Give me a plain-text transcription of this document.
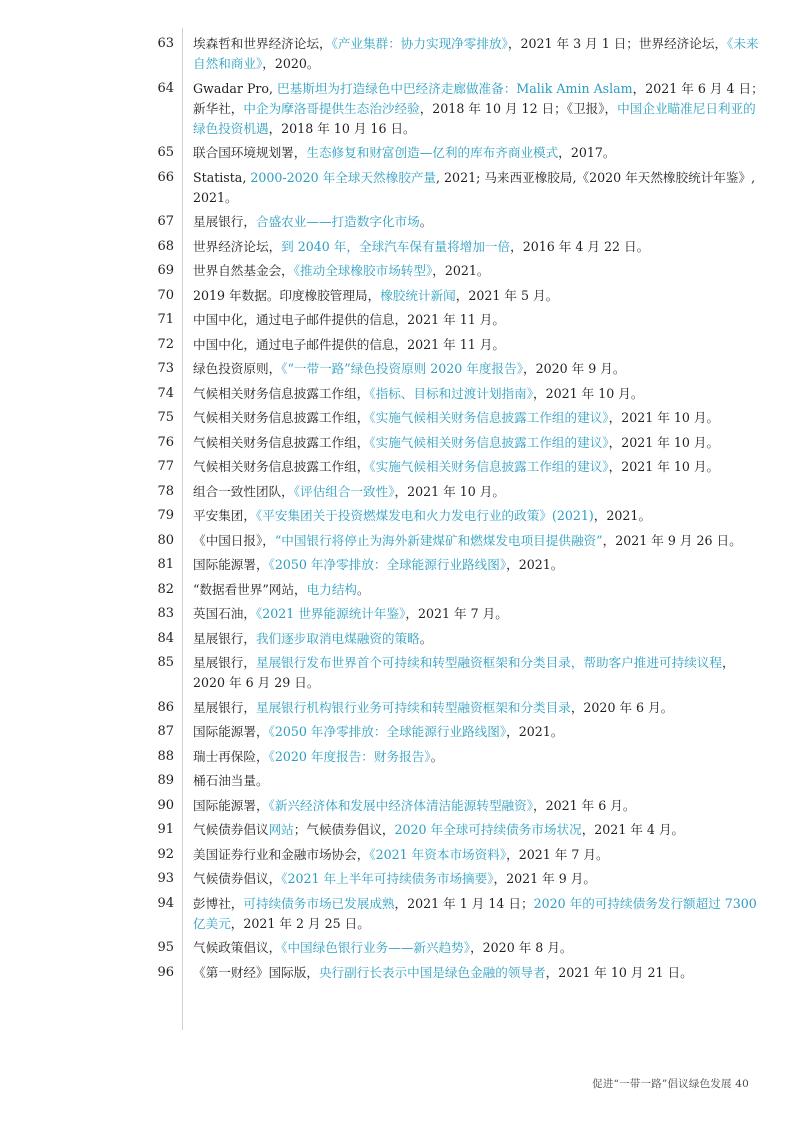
63 埃森哲和世界经济论坛，《产业集群：协力实现净零排放》，2021 年 3 月 1 日；世界经济论坛，《未来自然和商业》，2020。
64 Gwadar Pro, 巴基斯坦为打造绿色中巴经济走廊做准备：Malik Amin Aslam，2021 年 6 月 4 日；新华社，中企为摩洛哥提供生态治沙经验，2018 年 10 月 12 日；《卫报》，中国企业瞄准尼日利亚的绿色投资机遇，2018 年 10 月 16 日。
65 联合国环境规划署，生态修复和财富创造—亿利的库布齐商业模式，2017。
66 Statista, 2000-2020 年全球天然橡胶产量, 2021; 马来西亚橡胶局,《2020 年天然橡胶统计年鉴》, 2021。
67 星展银行，合盛农业——打造数字化市场。
68 世界经济论坛，到 2040 年，全球汽车保有量将增加一倍，2016 年 4 月 22 日。
69 世界自然基金会，《推动全球橡胶市场转型》，2021。
70 2019 年数据。印度橡胶管理局，橡胶统计新闻，2021 年 5 月。
71 中国中化，通过电子邮件提供的信息，2021 年 11 月。
72 中国中化，通过电子邮件提供的信息，2021 年 11 月。
73 绿色投资原则，《“一带一路”绿色投资原则 2020 年度报告》，2020 年 9 月。
74 气候相关财务信息披露工作组，《指标、目标和过渡计划指南》，2021 年 10 月。
75 气候相关财务信息披露工作组，《实施气候相关财务信息披露工作组的建议》，2021 年 10 月。
76 气候相关财务信息披露工作组，《实施气候相关财务信息披露工作组的建议》，2021 年 10 月。
77 气候相关财务信息披露工作组，《实施气候相关财务信息披露工作组的建议》，2021 年 10 月。
78 组合一致性团队，《评估组合一致性》，2021 年 10 月。
79 平安集团，《平安集团关于投资燃煤发电和火力发电行业的政策》(2021)，2021。
80 《中国日报》，“中国银行将停止为海外新建煤矿和燃煤发电项目提供融资”，2021 年 9 月 26 日。
81 国际能源署，《2050 年净零排放：全球能源行业路线图》，2021。
82 “数据看世界”网站，电力结构。
83 英国石油，《2021 世界能源统计年鉴》，2021 年 7 月。
84 星展银行，我们逐步取消电煤融资的策略。
85 星展银行，星展银行发布世界首个可持续和转型融资框架和分类目录，帮助客户推进可持续议程，2020 年 6 月 29 日。
86 星展银行，星展银行机构银行业务可持续和转型融资框架和分类目录，2020 年 6 月。
87 国际能源署，《2050 年净零排放：全球能源行业路线图》，2021。
88 瑞士再保险，《2020 年度报告：财务报告》。
89 桶石油当量。
90 国际能源署，《新兴经济体和发展中经济体清洁能源转型融资》，2021 年 6 月。
91 气候债券倡议网站；气候债券倡议，2020 年全球可持续债务市场状况，2021 年 4 月。
92 美国证券行业和金融市场协会，《2021 年资本市场资料》，2021 年 7 月。
93 气候债券倡议，《2021 年上半年可持续债务市场摘要》，2021 年 9 月。
94 彭博社，可持续债务市场已发展成熟，2021 年 1 月 14 日；2020 年的可持续债务发行额超过 7300 亿美元，2021 年 2 月 25 日。
95 气候政策倡议，《中国绿色银行业务——新兴趋势》，2020 年 8 月。
96 《第一财经》国际版，央行副行长表示中国是绿色金融的领导者，2021 年 10 月 21 日。
促进“一带一路”倡议绿色发展 40
